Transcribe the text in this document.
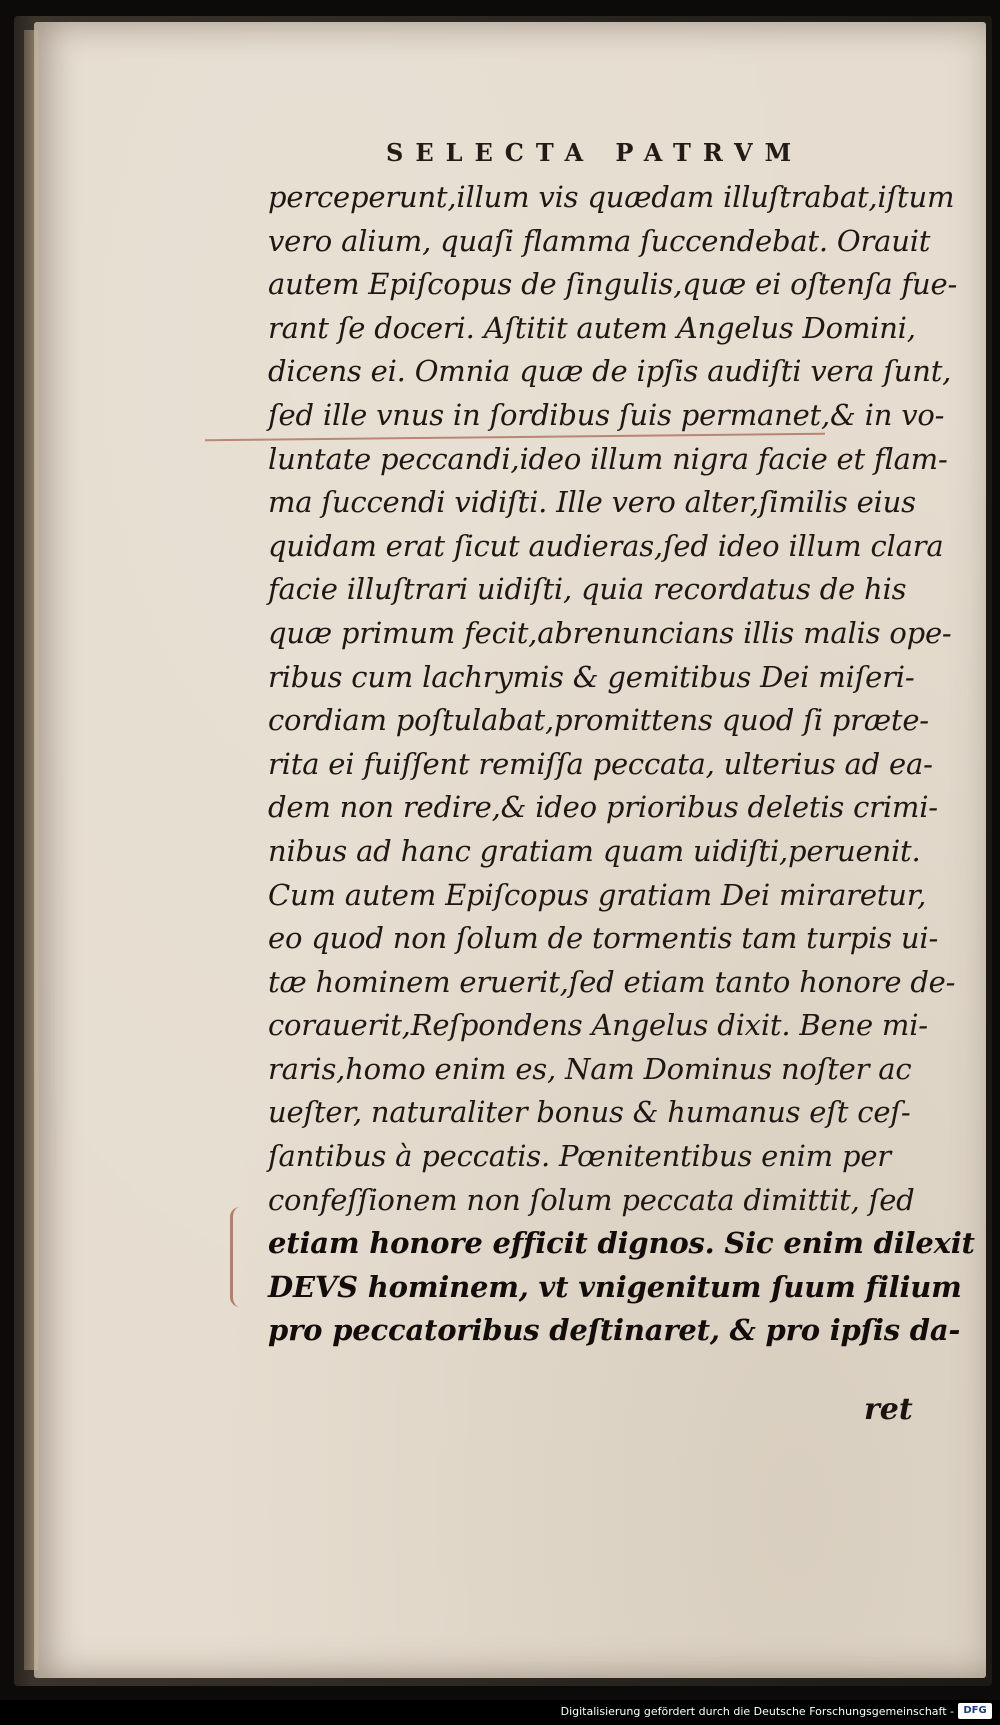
SELECTA PATRVM
perceperunt,illum vis quædam illuſtrabat,iſtum
vero alium, quaſi flamma ſuccendebat. Orauit
autem Epiſcopus de ſingulis,quæ ei oſtenſa fue-
rant ſe doceri. Aſtitit autem Angelus Domini,
dicens ei. Omnia quæ de ipſis audiſti vera ſunt,
ſed ille vnus in ſordibus ſuis permanet,& in vo-
luntate peccandi,ideo illum nigra facie et flam-
ma ſuccendi vidiſti. Ille vero alter,ſimilis eius
quidam erat ſicut audieras,ſed ideo illum clara
facie illuſtrari uidiſti, quia recordatus de his
quæ primum fecit,abrenuncians illis malis ope-
ribus cum lachrymis & gemitibus Dei miſeri-
cordiam poſtulabat,promittens quod ſi præte-
rita ei fuiſſent remiſſa peccata, ulterius ad ea-
dem non redire,& ideo prioribus deletis crimi-
nibus ad hanc gratiam quam uidiſti,peruenit.
Cum autem Epiſcopus gratiam Dei miraretur,
eo quod non ſolum de tormentis tam turpis ui-
tæ hominem eruerit,ſed etiam tanto honore de-
corauerit,Reſpondens Angelus dixit. Bene mi-
raris,homo enim es, Nam Dominus noſter ac
ueſter, naturaliter bonus & humanus eſt ceſ-
ſantibus à peccatis. Pœnitentibus enim per
confeſſionem non ſolum peccata dimittit, ſed
etiam honore efficit dignos. Sic enim dilexit
DEVS hominem, vt vnigenitum ſuum filium
pro peccatoribus deſtinaret, & pro ipſis da-
ret
Digitalisierung gefördert durch die Deutsche Forschungsgemeinschaft - DFG
